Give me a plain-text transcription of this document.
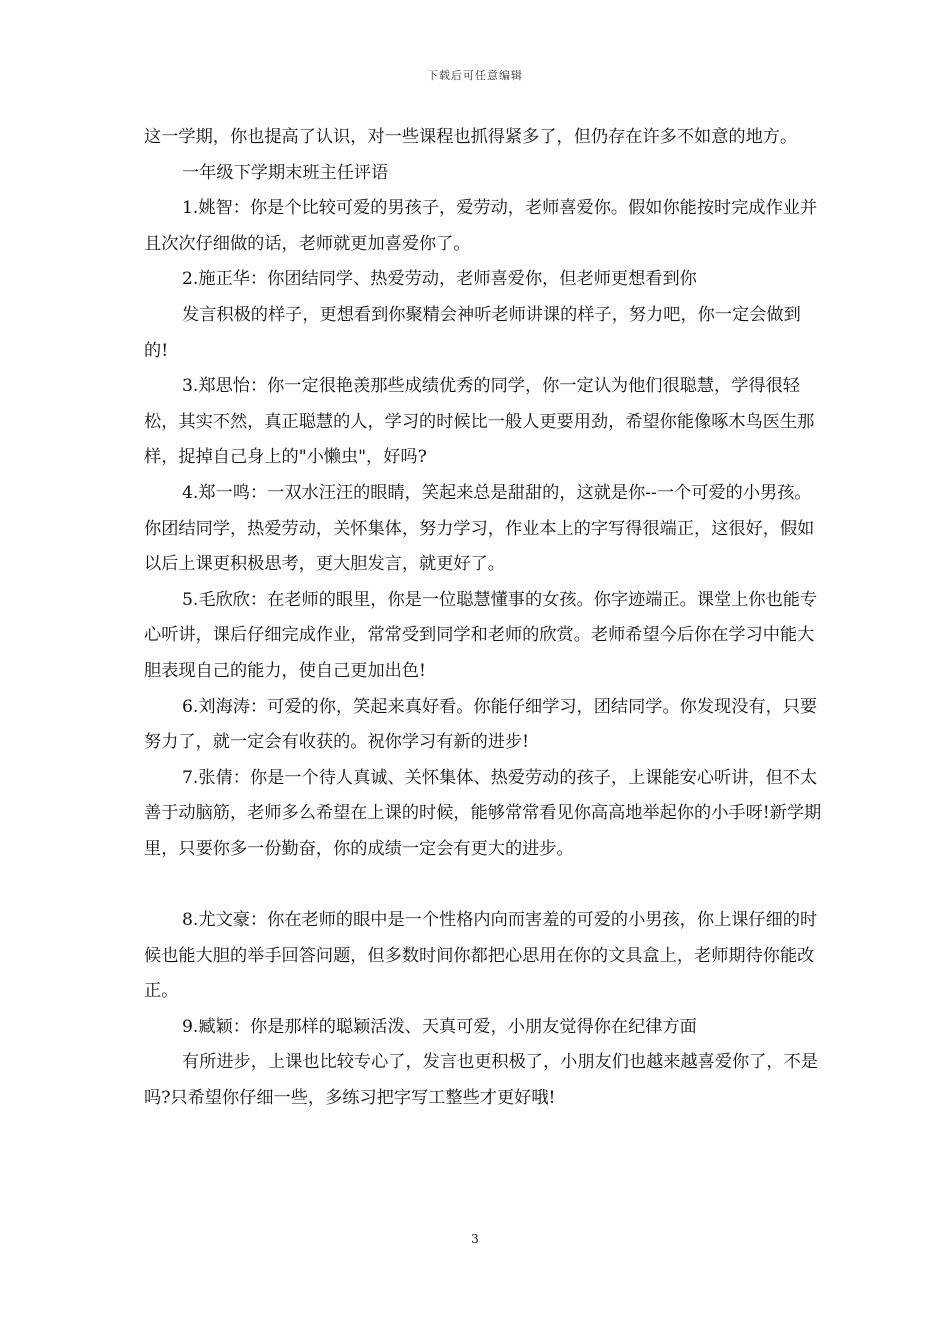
下载后可任意编辑

这一学期，你也提高了认识，对一些课程也抓得紧多了，但仍存在许多不如意的地方。

一年级下学期末班主任评语

1.姚智：你是个比较可爱的男孩子，爱劳动，老师喜爱你。假如你能按时完成作业并且次次仔细做的话，老师就更加喜爱你了。

2.施正华：你团结同学、热爱劳动，老师喜爱你，但老师更想看到你

发言积极的样子，更想看到你聚精会神听老师讲课的样子，努力吧，你一定会做到的!

3.郑思怡：你一定很艳羡那些成绩优秀的同学，你一定认为他们很聪慧，学得很轻松，其实不然，真正聪慧的人，学习的时候比一般人更要用劲，希望你能像啄木鸟医生那样，捉掉自己身上的"小懒虫"，好吗?

4.郑一鸣：一双水汪汪的眼睛，笑起来总是甜甜的，这就是你--一个可爱的小男孩。你团结同学，热爱劳动，关怀集体，努力学习，作业本上的字写得很端正，这很好，假如以后上课更积极思考，更大胆发言，就更好了。

5.毛欣欣：在老师的眼里，你是一位聪慧懂事的女孩。你字迹端正。课堂上你也能专心听讲，课后仔细完成作业，常常受到同学和老师的欣赏。老师希望今后你在学习中能大胆表现自己的能力，使自己更加出色!

6.刘海涛：可爱的你，笑起来真好看。你能仔细学习，团结同学。你发现没有，只要努力了，就一定会有收获的。祝你学习有新的进步!

7.张倩：你是一个待人真诚、关怀集体、热爱劳动的孩子，上课能安心听讲，但不太善于动脑筋，老师多么希望在上课的时候，能够常常看见你高高地举起你的小手呀!新学期里，只要你多一份勤奋，你的成绩一定会有更大的进步。

8.尤文豪：你在老师的眼中是一个性格内向而害羞的可爱的小男孩，你上课仔细的时候也能大胆的举手回答问题，但多数时间你都把心思用在你的文具盒上，老师期待你能改正。

9.臧颖：你是那样的聪颖活泼、天真可爱，小朋友觉得你在纪律方面

有所进步，上课也比较专心了，发言也更积极了，小朋友们也越来越喜爱你了，不是吗?只希望你仔细一些，多练习把字写工整些才更好哦!

3
